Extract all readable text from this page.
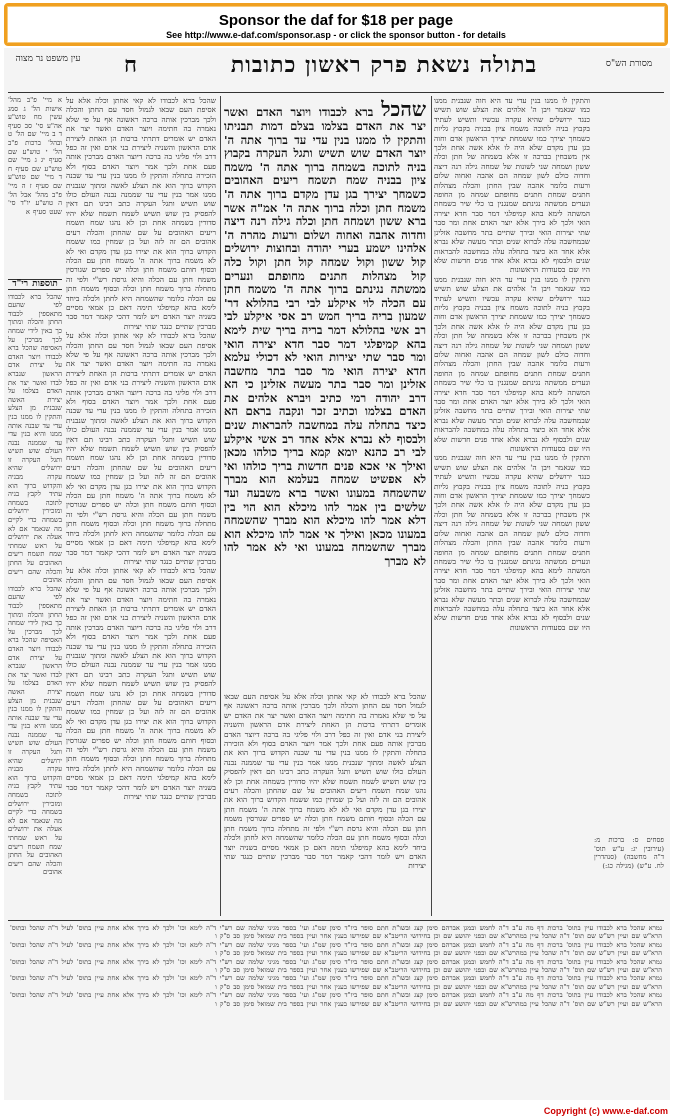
Sponsor the daf for $18 per page
See http://www.e-daf.com/sponsor.asp - or click the sponsor button - for details
מסורת הש"ס
בתולה נשאת פרק ראשון כתובות
ח
עין משפט נר מצוה
פסחים ס: ברכות מ: (עירובין יג: ע"ש תוס' ד"ה מחשבה) (סנהדרין לח. ע"ש) (מגילה כג:)
והתקין לו ממנו בנין עדי עד היא חוה שנבנית ממנו כמו שנאמר ויבן ה' אלהים את הצלע שוש תשיש כנגד ירושלים שהיא עקרה עכשיו ותשיש לעתיד בקבוץ בניה לתוכה משמח ציון בבניה בקבוץ גליות כשמחך יצירך כמו ששמחת יצירך הראשון אדם וחוה בגן עדן מקדם שלא היה לו אלא אשה אחת ולכך אין משבחין בברכה זו אלא בשמחה של חתן וכלה ששון ושמחה שני לשונות של שמחה גילה רנה דיצה וחדוה כולם לשון שמחה הם אהבה ואחוה שלום ורעות כלומר אהבה שבין החתן והכלה מצהלות חתנים שמחת חתנים מחופתם שמחה מן החופה ונערים ממשתה נגינתם שמנגנין בו כלי שיר בשמחת המשתה לימא בהא קמיפלגי דמר סבר חדא יצירה הואי ולכך לא בירך אלא יוצר האדם אחת ומר סבר שתי יצירות הואי ובירך שתיים בתר מחשבה אזלינן שבמחשבה עלה לברוא שנים ובתר מעשה שלא נברא אלא אחד הא כיצד בתחלה עלה במחשבה להבראות שנים ולבסוף לא נברא אלא אחד פנים חדשות שלא היו שם בסעודות הראשונות
והתקין לו ממנו בנין עדי עד היא חוה שנבנית ממנו כמו שנאמר ויבן ה' אלהים את הצלע שוש תשיש כנגד ירושלים שהיא עקרה עכשיו ותשיש לעתיד בקבוץ בניה לתוכה משמח ציון בבניה בקבוץ גליות כשמחך יצירך כמו ששמחת יצירך הראשון אדם וחוה בגן עדן מקדם שלא היה לו אלא אשה אחת ולכך אין משבחין בברכה זו אלא בשמחה של חתן וכלה ששון ושמחה שני לשונות של שמחה גילה רנה דיצה וחדוה כולם לשון שמחה הם אהבה ואחוה שלום ורעות כלומר אהבה שבין החתן והכלה מצהלות חתנים שמחת חתנים מחופתם שמחה מן החופה ונערים ממשתה נגינתם שמנגנין בו כלי שיר בשמחת המשתה לימא בהא קמיפלגי דמר סבר חדא יצירה הואי ולכך לא בירך אלא יוצר האדם אחת ומר סבר שתי יצירות הואי ובירך שתיים בתר מחשבה אזלינן שבמחשבה עלה לברוא שנים ובתר מעשה שלא נברא אלא אחד הא כיצד בתחלה עלה במחשבה להבראות שנים ולבסוף לא נברא אלא אחד פנים חדשות שלא היו שם בסעודות הראשונות
והתקין לו ממנו בנין עדי עד היא חוה שנבנית ממנו כמו שנאמר ויבן ה' אלהים את הצלע שוש תשיש כנגד ירושלים שהיא עקרה עכשיו ותשיש לעתיד בקבוץ בניה לתוכה משמח ציון בבניה בקבוץ גליות כשמחך יצירך כמו ששמחת יצירך הראשון אדם וחוה בגן עדן מקדם שלא היה לו אלא אשה אחת ולכך אין משבחין בברכה זו אלא בשמחה של חתן וכלה ששון ושמחה שני לשונות של שמחה גילה רנה דיצה וחדוה כולם לשון שמחה הם אהבה ואחוה שלום ורעות כלומר אהבה שבין החתן והכלה מצהלות חתנים שמחת חתנים מחופתם שמחה מן החופה ונערים ממשתה נגינתם שמנגנין בו כלי שיר בשמחת המשתה לימא בהא קמיפלגי דמר סבר חדא יצירה הואי ולכך לא בירך אלא יוצר האדם אחת ומר סבר שתי יצירות הואי ובירך שתיים בתר מחשבה אזלינן שבמחשבה עלה לברוא שנים ובתר מעשה שלא נברא אלא אחד הא כיצד בתחלה עלה במחשבה להבראות שנים ולבסוף לא נברא אלא אחד פנים חדשות שלא היו שם בסעודות הראשונות
שהכל ברא לכבודו ויוצר האדם ואשר יצר את האדם בצלמו בצלם דמות תבניתו והתקין לו ממנו בנין עדי עד ברוך אתה ה' יוצר האדם שוש תשיש ותגל העקרה בקבוץ בניה לתוכה בשמחה ברוך אתה ה' משמח ציון בבניה שמח תשמח ריעים האהובים כשמחך יצירך בגן עדן מקדם ברוך אתה ה' משמח חתן וכלה ברוך אתה ה' אמ"ה אשר ברא ששון ושמחה חתן וכלה גילה רנה דיצה וחדוה אהבה ואחוה ושלום ורעות מהרה ה' אלהינו ישמע בערי יהודה ובחוצות ירושלים קול ששון וקול שמחה קול חתן וקול כלה קול מצהלות חתנים מחופתם ונערים ממשתה נגינתם ברוך אתה ה' משמח חתן עם הכלה לוי איקלע לבי רבי בהלולא דר' שמעון בריה בריך חמש רב אסי איקלע לבי רב אשי בהלולא דמר בריה בריך שית לימא בהא קמיפלגי דמר סבר חדא יצירה הואי ומר סבר שתי יצירות הואי לא דכולי עלמא חדא יצירה הואי מר סבר בתר מחשבה אזלינן ומר סבר בתר מעשה אזלינן כי הא דרב יהודה רמי כתיב ויברא אלהים את האדם בצלמו וכתיב זכר ונקבה בראם הא כיצד בתחלה עלה במחשבה להבראות שנים ולבסוף לא נברא אלא אחד רב אשי איקלע לבי רב כהנא יומא קמא בריך כולהו מכאן ואילך אי אכא פנים חדשות בריך כולהו ואי לא אפשיט שמחה בעלמא הוא מברך שהשמחה במעונו ואשר ברא משבעה ועד שלשים בין אמר להו מיכלא הוא הוי בין דלא אמר להו מיכלא הוא מברך שהשמחה במעונו מכאן ואילך אי אמר להו מיכלא הוא מברך שהשמחה במעונו ואי לא אמר להו לא מברך
שהכל ברא לכבודו לא קאי אחתן וכלה אלא על אסיפת העם שבאו לגמול חסד עם החתן והכלה ולכך מברכין אותה ברכה ראשונה אף על פי שלא נאמרה בה חתימה ויוצר האדם ואשר יצר את האדם יש אומרים דתרתי ברכות הן האחת ליצירת אדם הראשון והשניה ליצירת בני אדם ואין זה כפל דרב ולוי פליגי בה ברכה דיוצר האדם מברכין אותה פעם אחת ולכך אמר ויוצר האדם בסוף ולא הזכירה בתחלה והתקין לו ממנו בנין עדי עד שבנה הקדוש ברוך הוא את הצלע לאשה ומתוך שנבנית ממנו אמר בנין עדי עד שממנה נבנה העולם כולו שוש תשיש ותגל העקרה כתב רבינו תם דאין להפסיק בין שוש תשיש לשמח תשמח שלא יהיו סדורין בשמחה אחת וכן לא נהגו שמח תשמח ריעים האהובים על שם שהחתן והכלה רעים אהובים הם זה לזה ועל כן שמחין כמו ששמח הקדוש ברוך הוא את יצירו בגן עדן מקדם ואי לא לא משמח ברוך אתה ה' משמח חתן עם הכלה ובסוף חותם משמח חתן וכלה יש ספרים שגורסין משמח חתן עם הכלה והיא גרסת רש"י ולפי זה מתחלה ברוך משמח חתן וכלה ובסוף משמח חתן עם הכלה כלומר שהשמחה היא לחתן ולכלה ביחד לימא בהא קמיפלגי תימה דאם כן אמאי מסיים בשניה יוצר האדם ויש לומר דהכי קאמר דמר סבר מברכין שתיים כנגד שתי יצירות
שהכל ברא לכבודו לא קאי אחתן וכלה אלא על אסיפת העם שבאו לגמול חסד עם החתן והכלה ולכך מברכין אותה ברכה ראשונה אף על פי שלא נאמרה בה חתימה ויוצר האדם ואשר יצר את האדם יש אומרים דתרתי ברכות הן האחת ליצירת אדם הראשון והשניה ליצירת בני אדם ואין זה כפל דרב ולוי פליגי בה ברכה דיוצר האדם מברכין אותה פעם אחת ולכך אמר ויוצר האדם בסוף ולא הזכירה בתחלה והתקין לו ממנו בנין עדי עד שבנה הקדוש ברוך הוא את הצלע לאשה ומתוך שנבנית ממנו אמר בנין עדי עד שממנה נבנה העולם כולו שוש תשיש ותגל העקרה כתב רבינו תם דאין להפסיק בין שוש תשיש לשמח תשמח שלא יהיו סדורין בשמחה אחת וכן לא נהגו שמח תשמח ריעים האהובים על שם שהחתן והכלה רעים אהובים הם זה לזה ועל כן שמחין כמו ששמח הקדוש ברוך הוא את יצירו בגן עדן מקדם ואי לא לא משמח ברוך אתה ה' משמח חתן עם הכלה ובסוף חותם משמח חתן וכלה יש ספרים שגורסין משמח חתן עם הכלה והיא גרסת רש"י ולפי זה מתחלה ברוך משמח חתן וכלה ובסוף משמח חתן עם הכלה כלומר שהשמחה היא לחתן ולכלה ביחד לימא בהא קמיפלגי תימה דאם כן אמאי מסיים בשניה יוצר האדם ויש לומר דהכי קאמר דמר סבר מברכין שתיים כנגד שתי יצירות
שהכל ברא לכבודו לא קאי אחתן וכלה אלא על אסיפת העם שבאו לגמול חסד עם החתן והכלה ולכך מברכין אותה ברכה ראשונה אף על פי שלא נאמרה בה חתימה ויוצר האדם ואשר יצר את האדם יש אומרים דתרתי ברכות הן האחת ליצירת אדם הראשון והשניה ליצירת בני אדם ואין זה כפל דרב ולוי פליגי בה ברכה דיוצר האדם מברכין אותה פעם אחת ולכך אמר ויוצר האדם בסוף ולא הזכירה בתחלה והתקין לו ממנו בנין עדי עד שבנה הקדוש ברוך הוא את הצלע לאשה ומתוך שנבנית ממנו אמר בנין עדי עד שממנה נבנה העולם כולו שוש תשיש ותגל העקרה כתב רבינו תם דאין להפסיק בין שוש תשיש לשמח תשמח שלא יהיו סדורין בשמחה אחת וכן לא נהגו שמח תשמח ריעים האהובים על שם שהחתן והכלה רעים אהובים הם זה לזה ועל כן שמחין כמו ששמח הקדוש ברוך הוא את יצירו בגן עדן מקדם ואי לא לא משמח ברוך אתה ה' משמח חתן עם הכלה ובסוף חותם משמח חתן וכלה יש ספרים שגורסין משמח חתן עם הכלה והיא גרסת רש"י ולפי זה מתחלה ברוך משמח חתן וכלה ובסוף משמח חתן עם הכלה כלומר שהשמחה היא לחתן ולכלה ביחד לימא בהא קמיפלגי תימה דאם כן אמאי מסיים בשניה יוצר האדם ויש לומר דהכי קאמר דמר סבר מברכין שתיים כנגד שתי יצירות
שהכל ברא לכבודו לא קאי אחתן וכלה אלא על אסיפת העם שבאו לגמול חסד עם החתן והכלה ולכך מברכין אותה ברכה ראשונה אף על פי שלא נאמרה בה חתימה ויוצר האדם ואשר יצר את האדם יש אומרים דתרתי ברכות הן האחת ליצירת אדם הראשון והשניה ליצירת בני אדם ואין זה כפל דרב ולוי פליגי בה ברכה דיוצר האדם מברכין אותה פעם אחת ולכך אמר ויוצר האדם בסוף ולא הזכירה בתחלה והתקין לו ממנו בנין עדי עד שבנה הקדוש ברוך הוא את הצלע לאשה ומתוך שנבנית ממנו אמר בנין עדי עד שממנה נבנה העולם כולו שוש תשיש ותגל העקרה כתב רבינו תם דאין להפסיק בין שוש תשיש לשמח תשמח שלא יהיו סדורין בשמחה אחת וכן לא נהגו שמח תשמח ריעים האהובים על שם שהחתן והכלה רעים אהובים הם זה לזה ועל כן שמחין כמו ששמח הקדוש ברוך הוא את יצירו בגן עדן מקדם ואי לא לא משמח ברוך אתה ה' משמח חתן עם הכלה ובסוף חותם משמח חתן וכלה יש ספרים שגורסין משמח חתן עם הכלה והיא גרסת רש"י ולפי זה מתחלה ברוך משמח חתן וכלה ובסוף משמח חתן עם הכלה כלומר שהשמחה היא לחתן ולכלה ביחד לימא בהא קמיפלגי תימה דאם כן אמאי מסיים בשניה יוצר האדם ויש לומר דהכי קאמר דמר סבר מברכין שתיים כנגד שתי יצירות
א מיי' פ"ב מהל' אישות הל' ג סמג עשין מח טוש"ע אה"ע סי' סב סעיף ד ב מיי' שם הל' ט ובהל' ברכות פ"ב הל' י טוש"ע שם סעיף יג ג מיי' שם טוש"ע שם סעיף ח ד מיי' שם טוש"ע שם סעיף ז ה מיי' פ"ב מהל' אבל הל' ה טוש"ע יו"ד סי' שעט סעיף א
תוספות רי"ד
שהכל ברא לכבודו לפי שהעם מתאספין לכבוד החתן והכלה ומתוך כך באין לידי שמחה לכך מברכין על האסיפה שהכל ברא לכבודו ויוצר האדם על יצירת אדם הראשון שנברא לבדו ואשר יצר את האדם בצלמו על יצירת האשה שנבנית מן הצלע והתקין לו ממנו בנין עדי עד שבנה אותה ממנו והיא בנין עדי עד שממנה נבנה העולם שוש תשיש ותגל העקרה זו ירושלים שהיא עקרה מבניה והקדוש ברוך הוא עתיד לקבץ בניה לתוכה בשמחה ומזכירין ירושלים בשמחה כדי לקיים מה שנאמר אם לא אעלה את ירושלים על ראש שמחתי שמח תשמח ריעים האהובים על החתן והכלה שהם ריעים אהובים
שהכל ברא לכבודו לפי שהעם מתאספין לכבוד החתן והכלה ומתוך כך באין לידי שמחה לכך מברכין על האסיפה שהכל ברא לכבודו ויוצר האדם על יצירת אדם הראשון שנברא לבדו ואשר יצר את האדם בצלמו על יצירת האשה שנבנית מן הצלע והתקין לו ממנו בנין עדי עד שבנה אותה ממנו והיא בנין עדי עד שממנה נבנה העולם שוש תשיש ותגל העקרה זו ירושלים שהיא עקרה מבניה והקדוש ברוך הוא עתיד לקבץ בניה לתוכה בשמחה ומזכירין ירושלים בשמחה כדי לקיים מה שנאמר אם לא אעלה את ירושלים על ראש שמחתי שמח תשמח ריעים האהובים על החתן והכלה שהם ריעים אהובים
גמרא שהכל ברא לכבודו עיין בתוס' ברכות דף מה ע"ב ד"ה לחמש ובמגן אברהם סימן קצג ובשו"ת חתם סופר ביו"ד סימן שמ"ג ועי' בספר מגיני שלמה שם רש"י ד"ה לימא וכו' ולכך לא בירך אלא אחת עיין בתוס' לעיל ד"ה שהכל ובתוס' הרא"ש שם ועיין רש"ש שם תוס' ד"ה שהכל עיין במהרש"א שם ובפני יהושע שם וכן בחידושי הריטב"א שם שפירשו בענין אחר ועיין בספר בית שמואל סימן סב ס"ק ו
גמרא שהכל ברא לכבודו עיין בתוס' ברכות דף מה ע"ב ד"ה לחמש ובמגן אברהם סימן קצג ובשו"ת חתם סופר ביו"ד סימן שמ"ג ועי' בספר מגיני שלמה שם רש"י ד"ה לימא וכו' ולכך לא בירך אלא אחת עיין בתוס' לעיל ד"ה שהכל ובתוס' הרא"ש שם ועיין רש"ש שם תוס' ד"ה שהכל עיין במהרש"א שם ובפני יהושע שם וכן בחידושי הריטב"א שם שפירשו בענין אחר ועיין בספר בית שמואל סימן סב ס"ק ו
גמרא שהכל ברא לכבודו עיין בתוס' ברכות דף מה ע"ב ד"ה לחמש ובמגן אברהם סימן קצג ובשו"ת חתם סופר ביו"ד סימן שמ"ג ועי' בספר מגיני שלמה שם רש"י ד"ה לימא וכו' ולכך לא בירך אלא אחת עיין בתוס' לעיל ד"ה שהכל ובתוס' הרא"ש שם ועיין רש"ש שם תוס' ד"ה שהכל עיין במהרש"א שם ובפני יהושע שם וכן בחידושי הריטב"א שם שפירשו בענין אחר ועיין בספר בית שמואל סימן סב ס"ק ו
גמרא שהכל ברא לכבודו עיין בתוס' ברכות דף מה ע"ב ד"ה לחמש ובמגן אברהם סימן קצג ובשו"ת חתם סופר ביו"ד סימן שמ"ג ועי' בספר מגיני שלמה שם רש"י ד"ה לימא וכו' ולכך לא בירך אלא אחת עיין בתוס' לעיל ד"ה שהכל ובתוס' הרא"ש שם ועיין רש"ש שם תוס' ד"ה שהכל עיין במהרש"א שם ובפני יהושע שם וכן בחידושי הריטב"א שם שפירשו בענין אחר ועיין בספר בית שמואל סימן סב ס"ק ו
גמרא שהכל ברא לכבודו עיין בתוס' ברכות דף מה ע"ב ד"ה לחמש ובמגן אברהם סימן קצג ובשו"ת חתם סופר ביו"ד סימן שמ"ג ועי' בספר מגיני שלמה שם רש"י ד"ה לימא וכו' ולכך לא בירך אלא אחת עיין בתוס' לעיל ד"ה שהכל ובתוס' הרא"ש שם ועיין רש"ש שם תוס' ד"ה שהכל עיין במהרש"א שם ובפני יהושע שם וכן בחידושי הריטב"א שם שפירשו בענין אחר ועיין בספר בית שמואל סימן סב ס"ק ו
Copyright (c) www.e-daf.com
